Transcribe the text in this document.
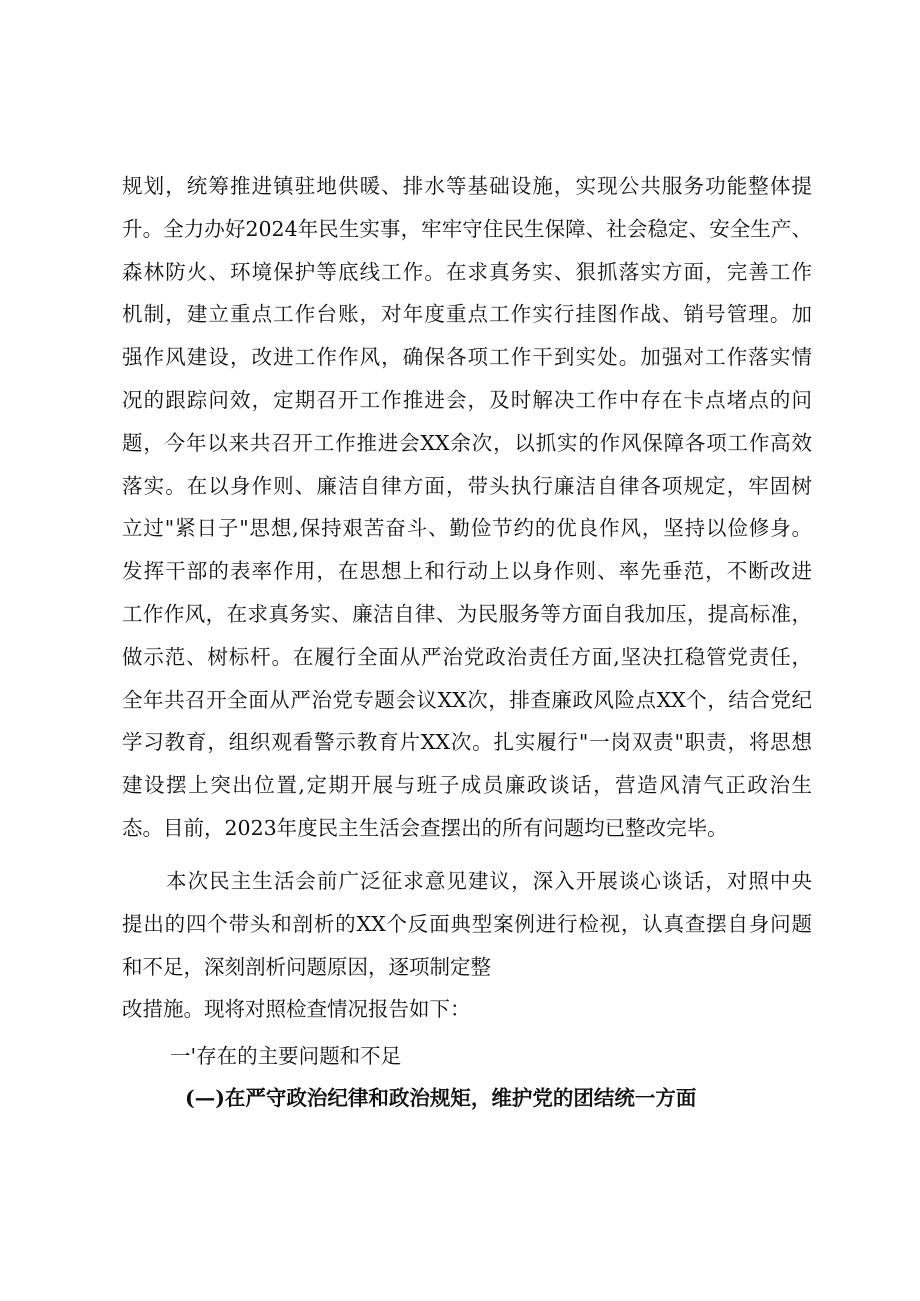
规划，统筹推进镇驻地供暖、排水等基础设施，实现公共服务功能整体提
升。全力办好2024年民生实事，牢牢守住民生保障、社会稳定、安全生产、
森林防火、环境保护等底线工作。在求真务实、狠抓落实方面，完善工作
机制，建立重点工作台账，对年度重点工作实行挂图作战、销号管理。加
强作风建设，改进工作作风，确保各项工作干到实处。加强对工作落实情
况的跟踪问效，定期召开工作推进会，及时解决工作中存在卡点堵点的问
题，今年以来共召开工作推进会XX余次，以抓实的作风保障各项工作高效
落实。在以身作则、廉洁自律方面，带头执行廉洁自律各项规定，牢固树
立过"紧日子"思想,保持艰苦奋斗、勤俭节约的优良作风，坚持以俭修身。
发挥干部的表率作用，在思想上和行动上以身作则、率先垂范，不断改进
工作作风，在求真务实、廉洁自律、为民服务等方面自我加压，提高标准，
做示范、树标杆。在履行全面从严治党政治责任方面,坚决扛稳管党责任，
全年共召开全面从严治党专题会议XX次，排查廉政风险点XX个，结合党纪
学习教育，组织观看警示教育片XX次。扎实履行"一岗双责"职责，将思想
建设摆上突出位置,定期开展与班子成员廉政谈话，营造风清气正政治生
态。目前，2023年度民主生活会查摆出的所有问题均已整改完毕。
本次民主生活会前广泛征求意见建议，深入开展谈心谈话，对照中央
提出的四个带头和剖析的XX个反面典型案例进行检视，认真查摆自身问题
和不足，深刻剖析问题原因，逐项制定整
改措施。现将对照检查情况报告如下：

一'存在的主要问题和不足

(—)在严守政治纪律和政治规矩，维护党的团结统一方面
